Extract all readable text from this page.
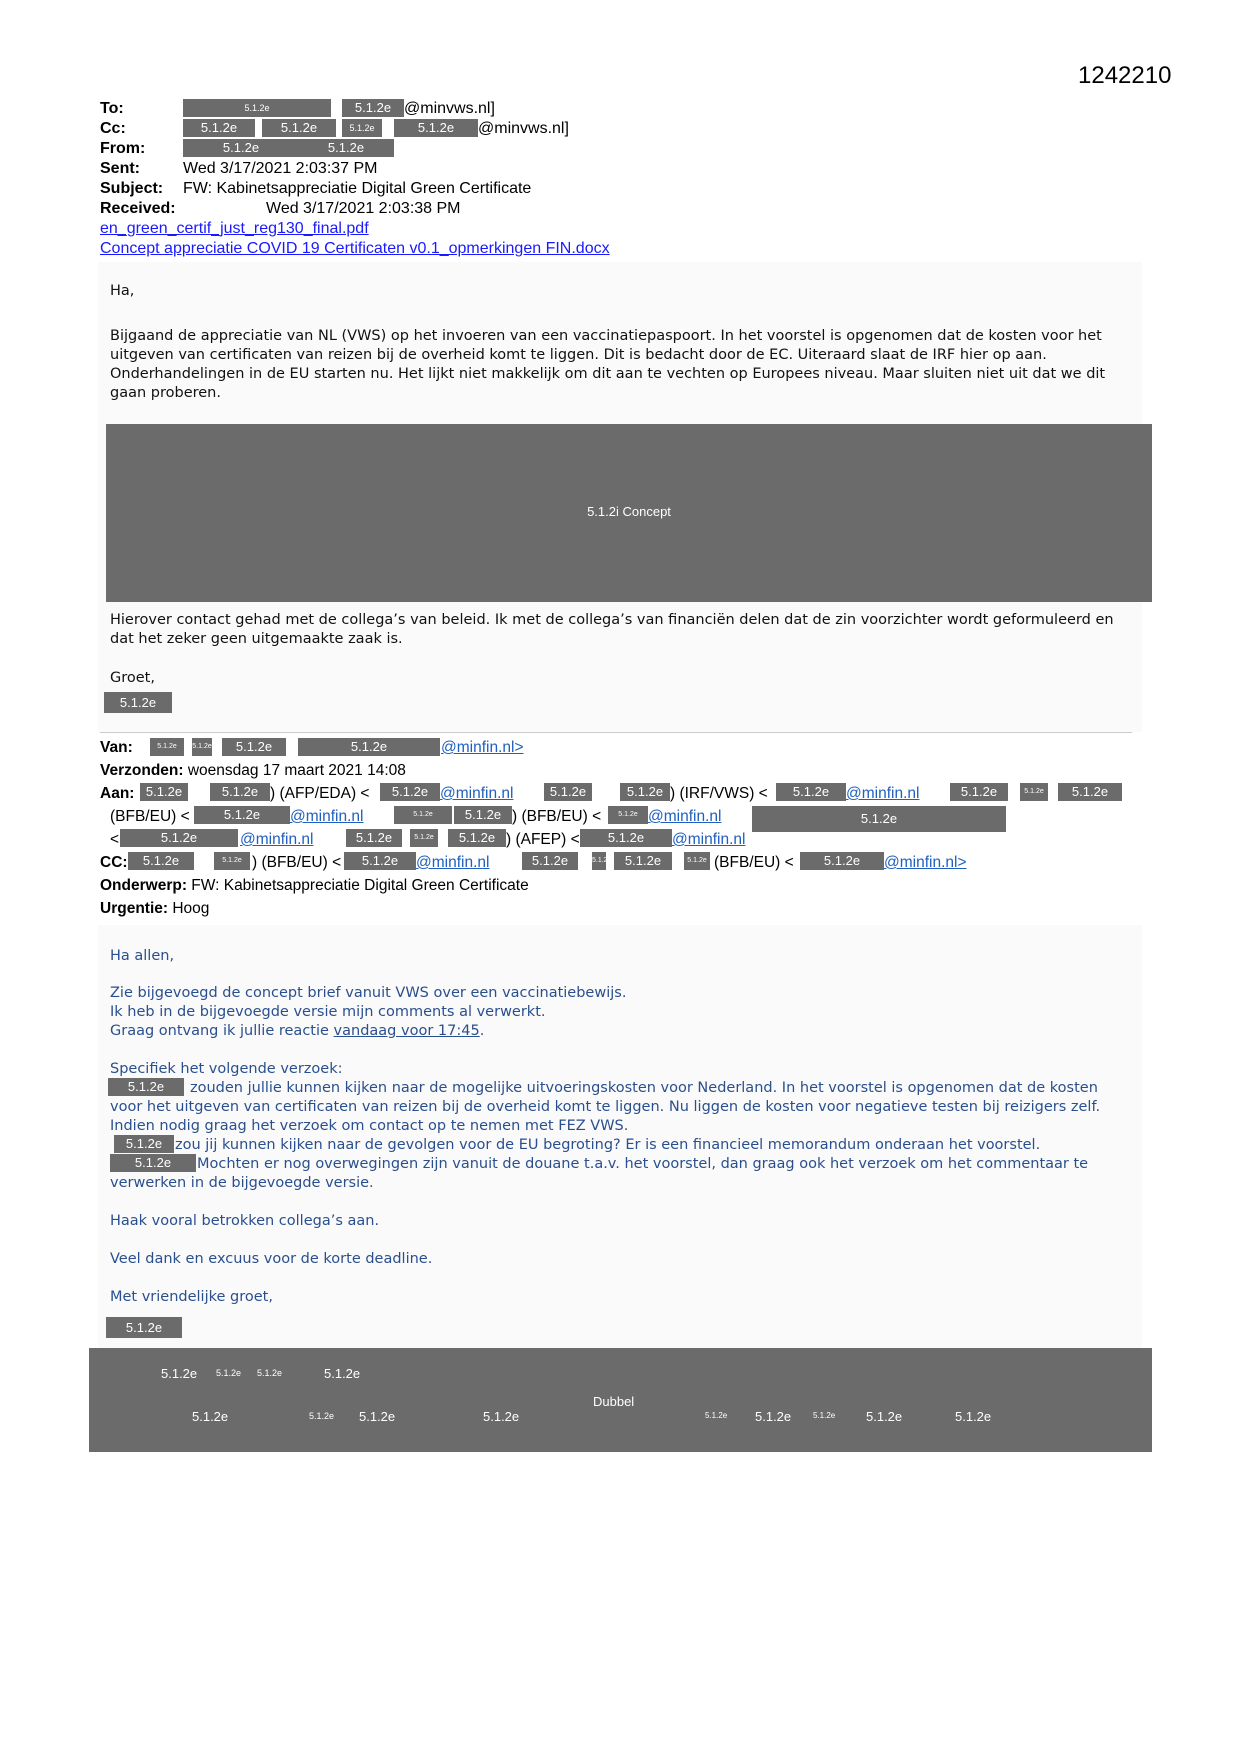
1242210
To:	5.1.2e	5.1.2e @minvws.nl]
Cc:	5.1.2e	5.1.2e	5.1.2e	5.1.2e	@minvws.nl]
From:	5.1.2e	5.1.2e
Sent:	Wed 3/17/2021 2:03:37 PM
Subject: FW: Kabinetsappreciatie Digital Green Certificate
Received:	Wed 3/17/2021 2:03:38 PM
en_green_certif_just_reg130_final.pdf
Concept appreciatie COVID 19 Certificaten v0.1_opmerkingen FIN.docx
Ha,
Bijgaand de appreciatie van NL (VWS) op het invoeren van een vaccinatiepaspoort. In het voorstel is opgenomen dat de kosten voor het uitgeven van certificaten van reizen bij de overheid komt te liggen. Dit is bedacht door de EC. Uiteraard slaat de IRF hier op aan. Onderhandelingen in de EU starten nu. Het lijkt niet makkelijk om dit aan te vechten op Europees niveau. Maar sluiten niet uit dat we dit gaan proberen.
5.1.2i Concept
Hierover contact gehad met de collega’s van beleid. Ik met de collega’s van financiën delen dat de zin voorzichter wordt geformuleerd en dat het zeker geen uitgemaakte zaak is.
Groet,
5.1.2e
Van:	5.1.2e	5.1.2e	5.1.2e	5.1.2e	@minfin.nl>
Verzonden: woensdag 17 maart 2021 14:08
Aan: 5.1.2e	5.1.2e ) (AFP/EDA) <	5.1.2e @minfin.nl	5.1.2e	5.1.2e ) (IRF/VWS) <	5.1.2e	@minfin.nl	5.1.2e	5.1.2e	5.1.2e
(BFB/EU) <	5.1.2e	@minfin.nl	5.1.2e	5.1.2e ) (BFB/EU) <	5.1.2e @minfin.nl	5.1.2e
<	5.1.2e	@minfin.nl	5.1.2e	5.1.2e	5.1.2e ) (AFEP) <	5.1.2e	@minfin.nl
CC:	5.1.2e	5.1.2e ) (BFB/EU) <	5.1.2e	@minfin.nl	5.1.2e	5.1.2e	5.1.2e	5.1.2e (BFB/EU) <	5.1.2e	@minfin.nl>
Onderwerp: FW: Kabinetsappreciatie Digital Green Certificate
Urgentie: Hoog
Ha allen,
Zie bijgevoegd de concept brief vanuit VWS over een vaccinatiebewijs.
Ik heb in de bijgevoegde versie mijn comments al verwerkt.
Graag ontvang ik jullie reactie vandaag voor 17:45.
Specifiek het volgende verzoek:
5.1.2e	zouden jullie kunnen kijken naar de mogelijke uitvoeringskosten voor Nederland. In het voorstel is opgenomen dat de kosten voor het uitgeven van certificaten van reizen bij de overheid komt te liggen. Nu liggen de kosten voor negatieve testen bij reizigers zelf. Indien nodig graag het verzoek om contact op te nemen met FEZ VWS.
5.1.2e zou jij kunnen kijken naar de gevolgen voor de EU begroting? Er is een financieel memorandum onderaan het voorstel.
5.1.2e	Mochten er nog overwegingen zijn vanuit de douane t.a.v. het voorstel, dan graag ook het verzoek om het commentaar te verwerken in de bijgevoegde versie.
Haak vooral betrokken collega’s aan.
Veel dank en excuus voor de korte deadline.
Met vriendelijke groet,
5.1.2e
5.1.2e 5.1.2e 5.1.2e	5.1.2e
Dubbel
5.1.2e	5.1.2e 5.1.2e	5.1.2e	5.1.2e 5.1.2e	5.1.2e 5.1.2e	5.1.2e
